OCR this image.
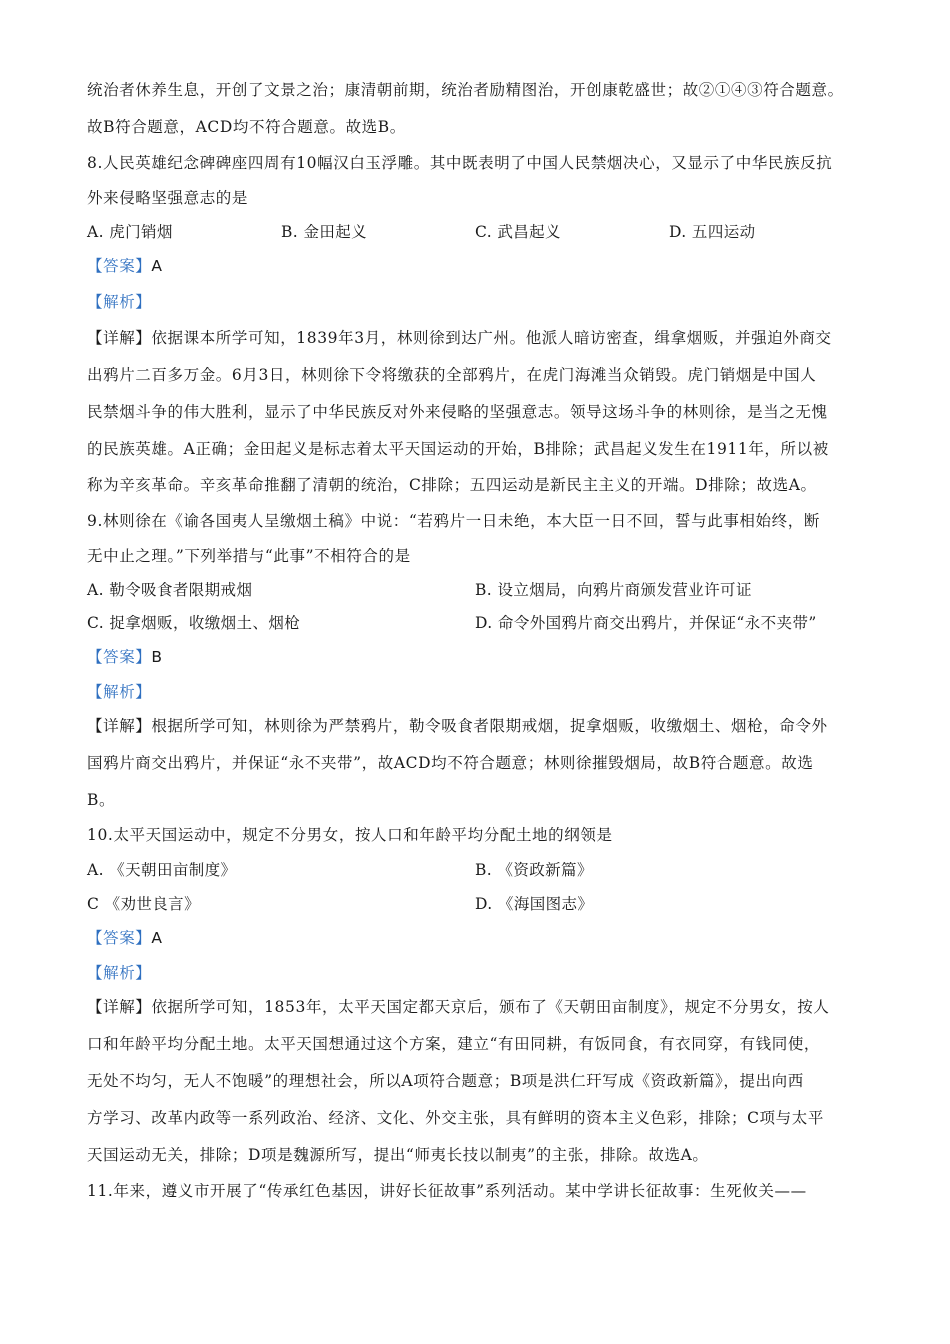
统治者休养生息，开创了文景之治；康清朝前期，统治者励精图治，开创康乾盛世；故②①④③符合题意。
故B符合题意，ACD均不符合题意。故选B。
8.人民英雄纪念碑碑座四周有10幅汉白玉浮雕。其中既表明了中国人民禁烟决心，又显示了中华民族反抗
外来侵略坚强意志的是
A. 虎门销烟	B. 金田起义	C. 武昌起义	D. 五四运动
【答案】A
【解析】
【详解】依据课本所学可知，1839年3月，林则徐到达广州。他派人暗访密查，缉拿烟贩，并强迫外商交
出鸦片二百多万金。6月3日，林则徐下令将缴获的全部鸦片，在虎门海滩当众销毁。虎门销烟是中国人
民禁烟斗争的伟大胜利，显示了中华民族反对外来侵略的坚强意志。领导这场斗争的林则徐，是当之无愧
的民族英雄。A正确；金田起义是标志着太平天国运动的开始，B排除；武昌起义发生在1911年，所以被
称为辛亥革命。辛亥革命推翻了清朝的统治，C排除；五四运动是新民主主义的开端。D排除；故选A。
9.林则徐在《谕各国夷人呈缴烟土稿》中说：“若鸦片一日未绝，本大臣一日不回，誓与此事相始终，断
无中止之理。”下列举措与“此事”不相符合的是
A. 勒令吸食者限期戒烟	B. 设立烟局，向鸦片商颁发营业许可证
C. 捉拿烟贩，收缴烟土、烟枪	D. 命令外国鸦片商交出鸦片，并保证“永不夹带”
【答案】B
【解析】
【详解】根据所学可知，林则徐为严禁鸦片，勒令吸食者限期戒烟，捉拿烟贩，收缴烟土、烟枪，命令外
国鸦片商交出鸦片，并保证“永不夹带”，故ACD均不符合题意；林则徐摧毁烟局，故B符合题意。故选
B。
10.太平天国运动中，规定不分男女，按人口和年龄平均分配土地的纲领是
A. 《天朝田亩制度》	B. 《资政新篇》
C 《劝世良言》	D. 《海国图志》
【答案】A
【解析】
【详解】依据所学可知，1853年，太平天国定都天京后，颁布了《天朝田亩制度》，规定不分男女，按人
口和年龄平均分配土地。太平天国想通过这个方案，建立“有田同耕，有饭同食，有衣同穿，有钱同使，
无处不均匀，无人不饱暖”的理想社会，所以A项符合题意；B项是洪仁玕写成《资政新篇》，提出向西
方学习、改革内政等一系列政治、经济、文化、外交主张，具有鲜明的资本主义色彩，排除；C项与太平
天国运动无关，排除；D项是魏源所写，提出“师夷长技以制夷”的主张，排除。故选A。
11.年来，遵义市开展了“传承红色基因，讲好长征故事”系列活动。某中学讲长征故事：生死攸关——
